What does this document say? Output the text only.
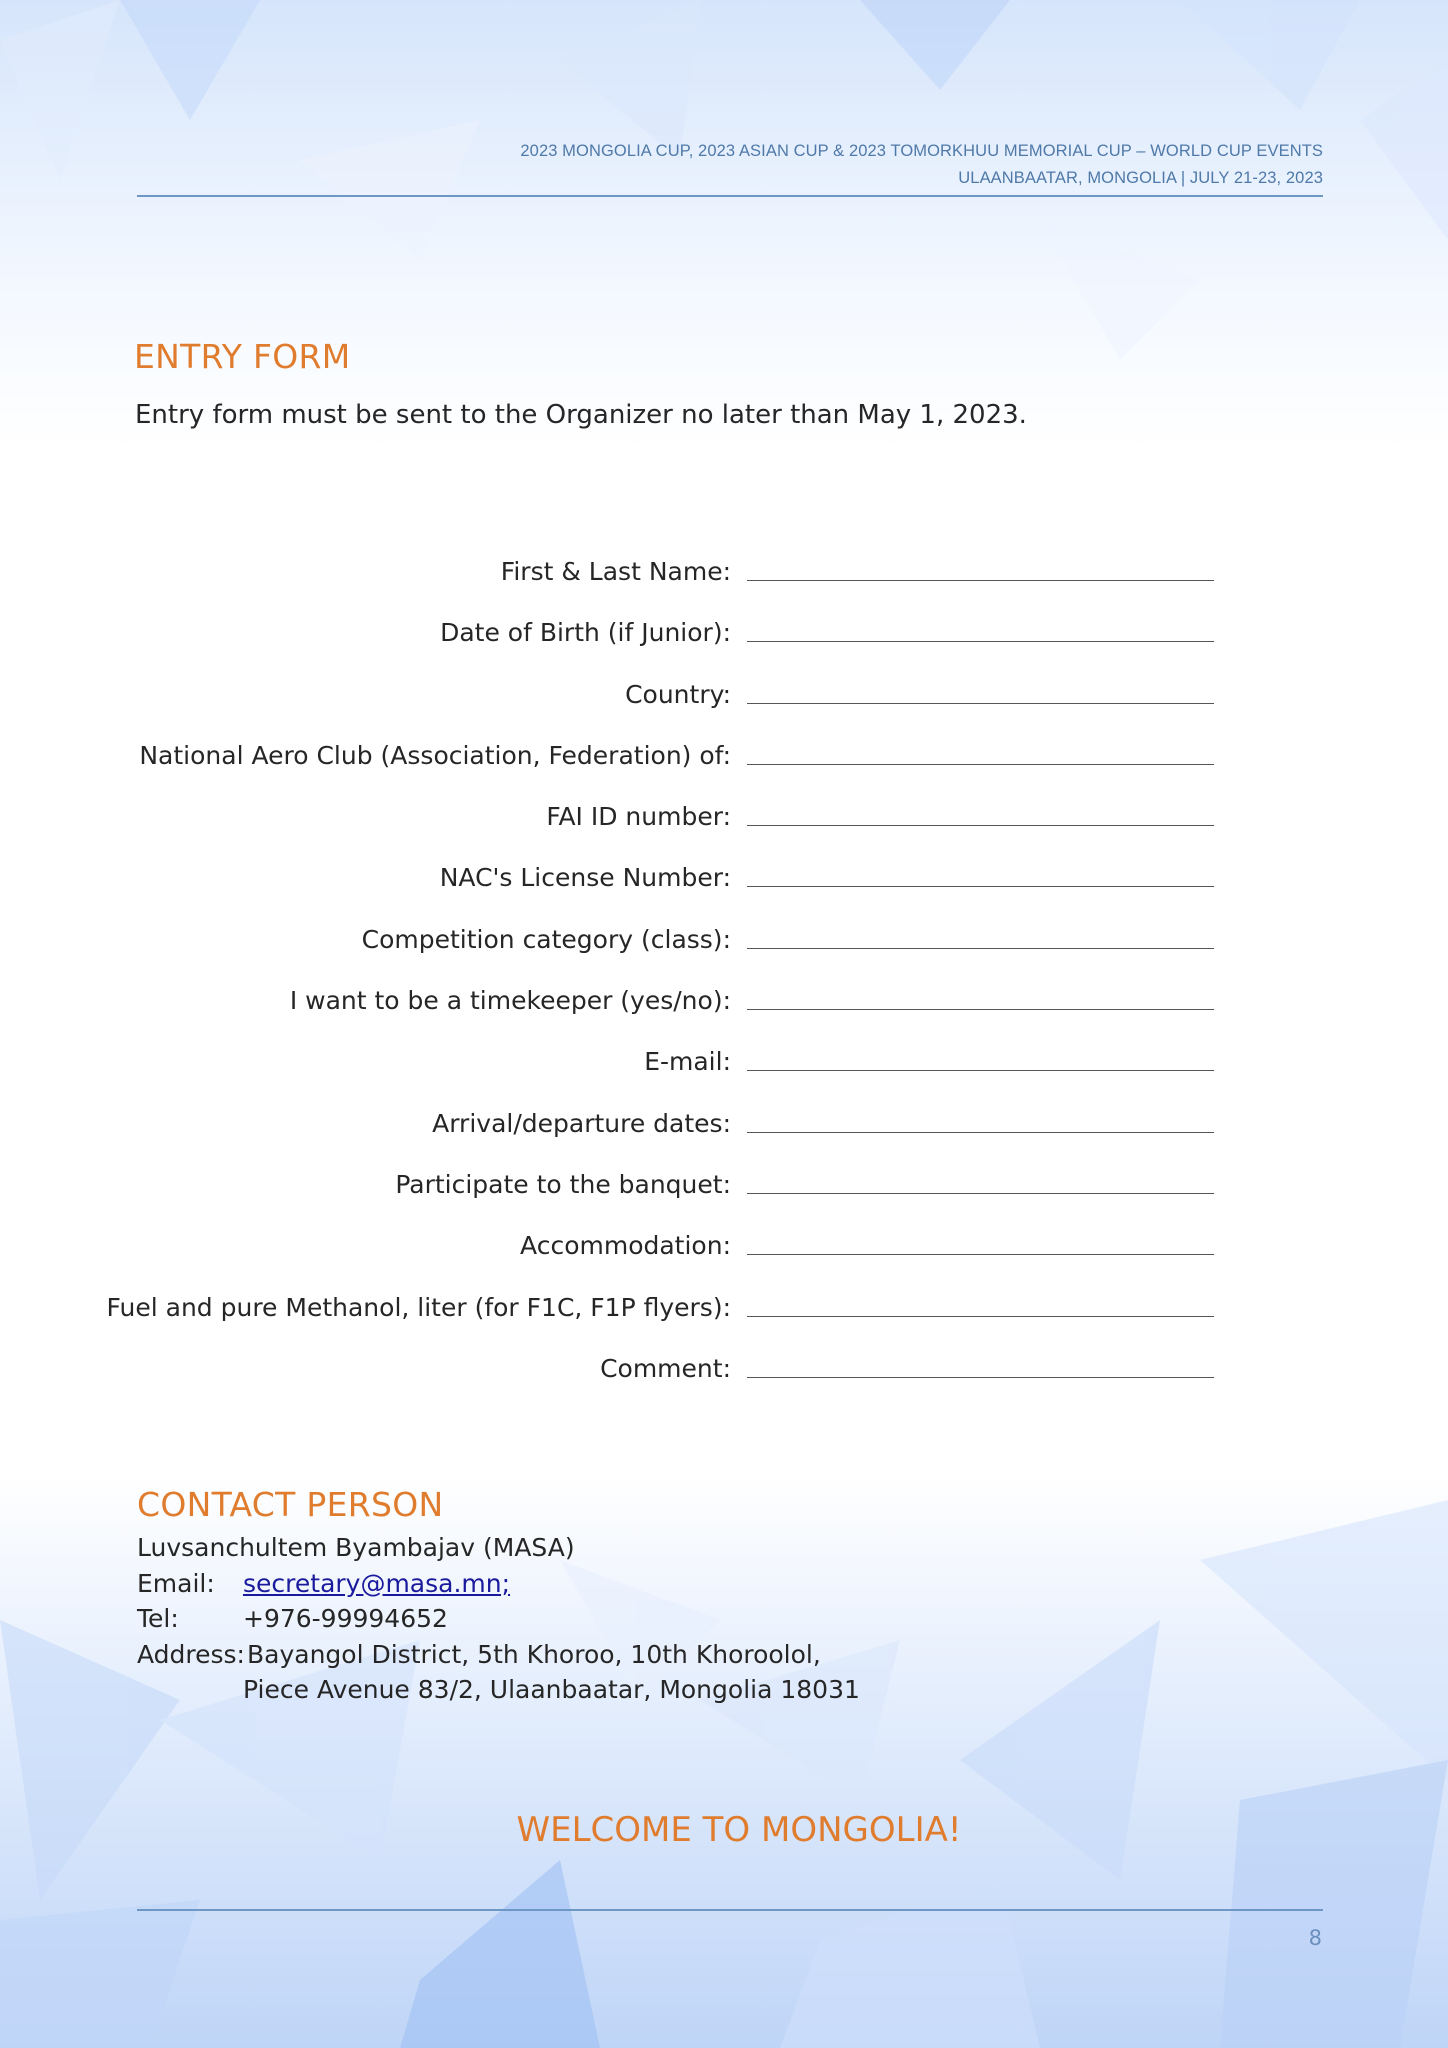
2023 MONGOLIA CUP, 2023 ASIAN CUP & 2023 TOMORKHUU MEMORIAL CUP – WORLD CUP EVENTS
ULAANBAATAR, MONGOLIA | JULY 21-23, 2023
ENTRY FORM
Entry form must be sent to the Organizer no later than May 1, 2023.
First & Last Name:
Date of Birth (if Junior):
Country:
National Aero Club (Association, Federation) of:
FAI ID number:
NAC's License Number:
Competition category (class):
I want to be a timekeeper (yes/no):
E-mail:
Arrival/departure dates:
Participate to the banquet:
Accommodation:
Fuel and pure Methanol, liter (for F1C, F1P flyers):
Comment:
CONTACT PERSON
Luvsanchultem Byambajav (MASA)
Email: secretary@masa.mn;
Tel:	+976-99994652
Address:Bayangol District, 5th Khoroo, 10th Khoroolol,
Piece Avenue 83/2, Ulaanbaatar, Mongolia 18031
WELCOME TO MONGOLIA!
8
